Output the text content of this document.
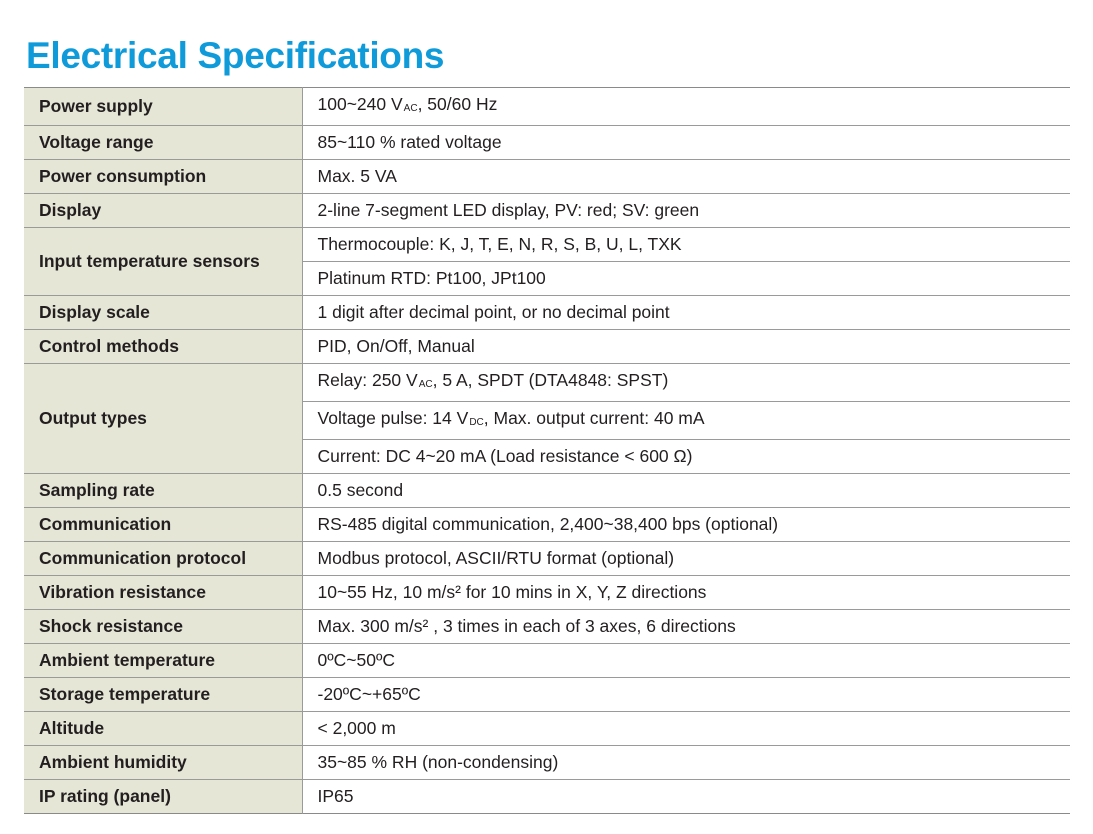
Electrical Specifications
Power supply	100~240 VAC, 50/60 Hz
Voltage range	85~110 % rated voltage
Power consumption	Max. 5 VA
Display	2-line 7-segment LED display, PV: red; SV: green
Input temperature sensors	Thermocouple: K, J, T, E, N, R, S, B, U, L, TXK
	Platinum RTD: Pt100, JPt100
Display scale	1 digit after decimal point, or no decimal point
Control methods	PID, On/Off, Manual
Output types	Relay: 250 VAC, 5 A, SPDT (DTA4848: SPST)
	Voltage pulse: 14 VDC, Max. output current: 40 mA
	Current: DC 4~20 mA (Load resistance < 600 Ω)
Sampling rate	0.5 second
Communication	RS-485 digital communication, 2,400~38,400 bps (optional)
Communication protocol	Modbus protocol, ASCII/RTU format (optional)
Vibration resistance	10~55 Hz, 10 m/s² for 10 mins in X, Y, Z directions
Shock resistance	Max. 300 m/s² , 3 times in each of 3 axes, 6 directions
Ambient temperature	0ºC~50ºC
Storage temperature	-20ºC~+65ºC
Altitude	< 2,000 m
Ambient humidity	35~85 % RH (non-condensing)
IP rating (panel)	IP65
